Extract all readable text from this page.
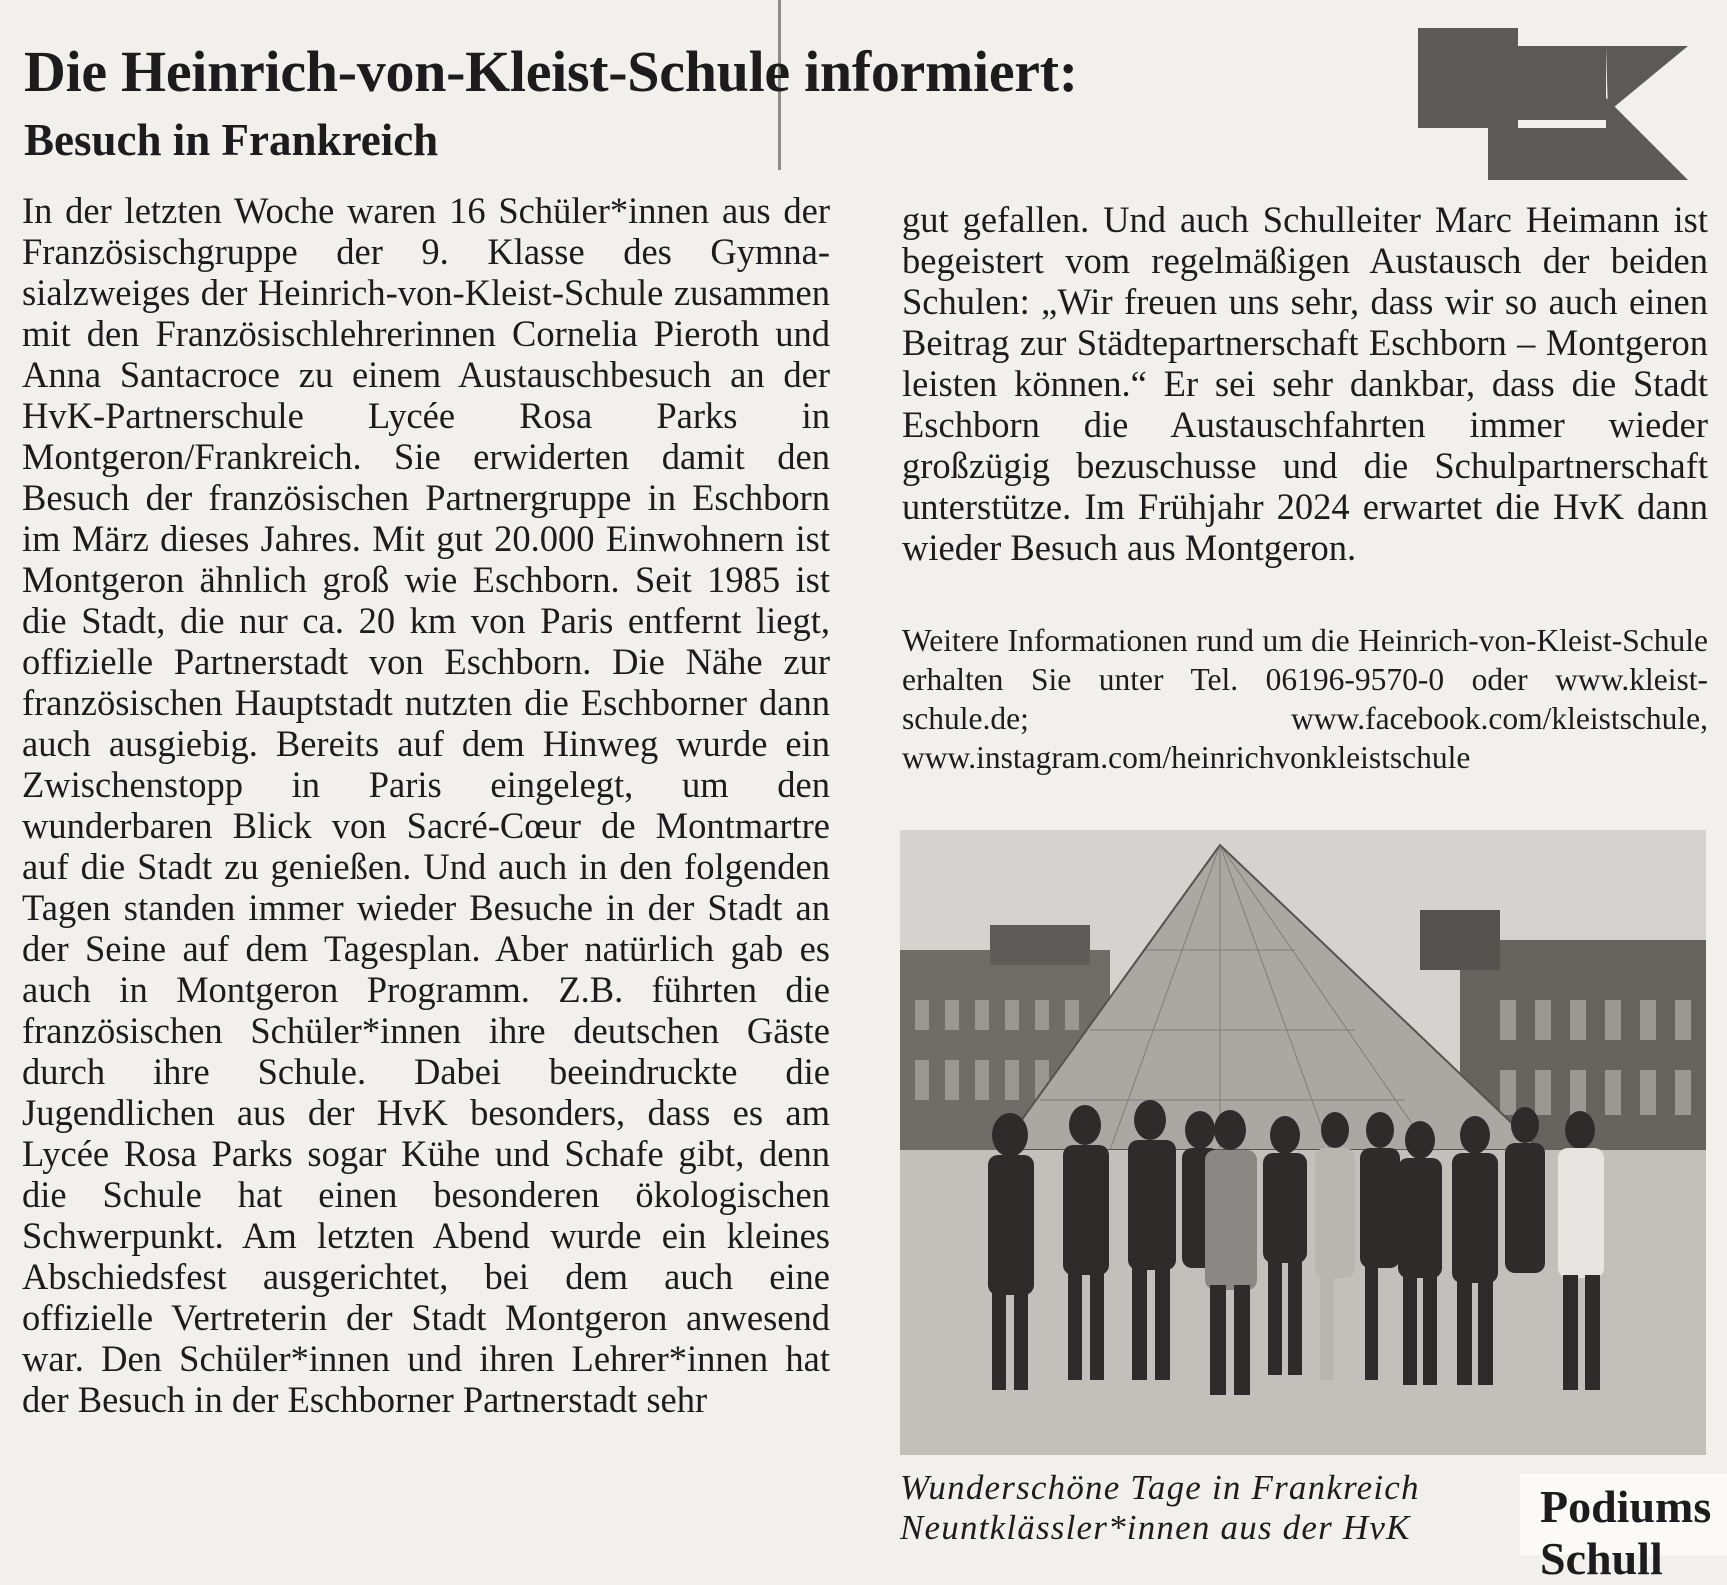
Die Heinrich-von-Kleist-Schule informiert:
Besuch in Frankreich
In der letzten Woche waren 16 Schüler*innen aus der Französischgruppe der 9. Klasse des Gymnasialzweiges der Heinrich-von-Kleist-Schule zusammen mit den Französischlehrerinnen Cornelia Pieroth und Anna Santacroce zu einem Austauschbesuch an der HvK-Partnerschule Lycée Rosa Parks in Montgeron/Frankreich. Sie erwiderten damit den Besuch der französischen Partnergruppe in Eschborn im März dieses Jahres. Mit gut 20.000 Einwohnern ist Montgeron ähnlich groß wie Eschborn. Seit 1985 ist die Stadt, die nur ca. 20 km von Paris entfernt liegt, offizielle Partnerstadt von Eschborn. Die Nähe zur französischen Hauptstadt nutzten die Eschborner dann auch ausgiebig. Bereits auf dem Hinweg wurde ein Zwischenstopp in Paris eingelegt, um den wunderbaren Blick von Sacré-Cœur de Montmartre auf die Stadt zu genießen. Und auch in den folgenden Tagen standen immer wieder Besuche in der Stadt an der Seine auf dem Tagesplan. Aber natürlich gab es auch in Montgeron Programm. Z.B. führten die französischen Schüler*innen ihre deutschen Gäste durch ihre Schule. Dabei beeindruckte die Jugendlichen aus der HvK besonders, dass es am Lycée Rosa Parks sogar Kühe und Schafe gibt, denn die Schule hat einen besonderen ökologischen Schwerpunkt. Am letzten Abend wurde ein kleines Abschiedsfest ausgerichtet, bei dem auch eine offizielle Vertreterin der Stadt Montgeron anwesend war. Den Schüler*innen und ihren Lehrer*innen hat der Besuch in der Eschborner Partnerstadt sehr
gut gefallen. Und auch Schulleiter Marc Heimann ist begeistert vom regelmäßigen Austausch der beiden Schulen: „Wir freuen uns sehr, dass wir so auch einen Beitrag zur Städtepartnerschaft Eschborn – Montgeron leisten können.“ Er sei sehr dankbar, dass die Stadt Eschborn die Austauschfahrten immer wieder großzügig bezuschusse und die Schulpartnerschaft unterstütze. Im Frühjahr 2024 erwartet die HvK dann wieder Besuch aus Montgeron.
Weitere Informationen rund um die Heinrich-von-Kleist-Schule erhalten Sie unter Tel. 06196-9570-0 oder www.kleist-schule.de; www.facebook.com/kleistschule, www.instagram.com/heinrichvonkleistschule
Wunderschöne Tage in Frankreich
Neuntklässler*innen aus der HvK	Podiums
Schull
